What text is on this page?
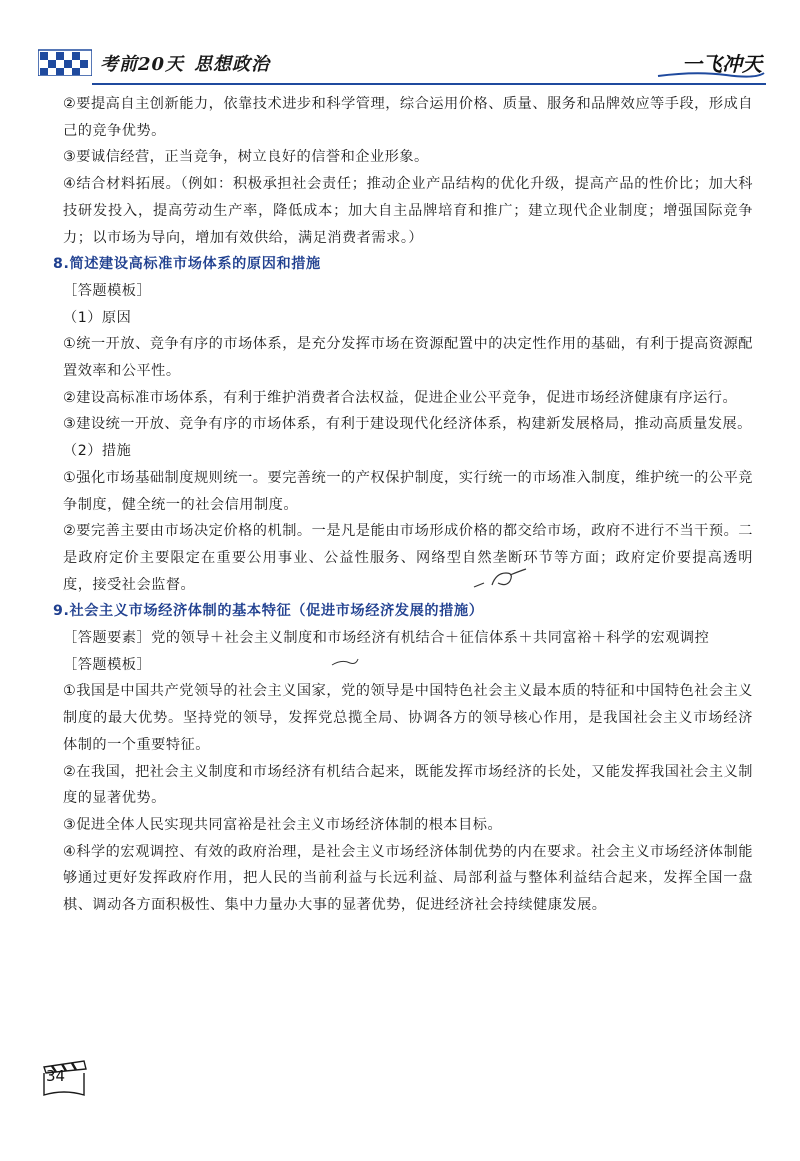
考前20天 思想政治	一飞冲天

②要提高自主创新能力，依靠技术进步和科学管理，综合运用价格、质量、服务和品牌效应等手段，形成自己的竞争优势。

③要诚信经营，正当竞争，树立良好的信誉和企业形象。

④结合材料拓展。（例如：积极承担社会责任；推动企业产品结构的优化升级，提高产品的性价比；加大科技研发投入，提高劳动生产率，降低成本；加大自主品牌培育和推广；建立现代企业制度；增强国际竞争力；以市场为导向，增加有效供给，满足消费者需求。）

8.简述建设高标准市场体系的原因和措施

［答题模板］

（1）原因

①统一开放、竞争有序的市场体系，是充分发挥市场在资源配置中的决定性作用的基础，有利于提高资源配置效率和公平性。

②建设高标准市场体系，有利于维护消费者合法权益，促进企业公平竞争，促进市场经济健康有序运行。

③建设统一开放、竞争有序的市场体系，有利于建设现代化经济体系，构建新发展格局，推动高质量发展。

（2）措施

①强化市场基础制度规则统一。要完善统一的产权保护制度，实行统一的市场准入制度，维护统一的公平竞争制度，健全统一的社会信用制度。

②要完善主要由市场决定价格的机制。一是凡是能由市场形成价格的都交给市场，政府不进行不当干预。二是政府定价主要限定在重要公用事业、公益性服务、网络型自然垄断环节等方面；政府定价要提高透明度，接受社会监督。

9.社会主义市场经济体制的基本特征（促进市场经济发展的措施）

［答题要素］ 党的领导＋社会主义制度和市场经济有机结合＋征信体系＋共同富裕＋科学的宏观调控

［答题模板］

①我国是中国共产党领导的社会主义国家，党的领导是中国特色社会主义最本质的特征和中国特色社会主义制度的最大优势。坚持党的领导，发挥党总揽全局、协调各方的领导核心作用，是我国社会主义市场经济体制的一个重要特征。

②在我国，把社会主义制度和市场经济有机结合起来，既能发挥市场经济的长处，又能发挥我国社会主义制度的显著优势。

③促进全体人民实现共同富裕是社会主义市场经济体制的根本目标。

④科学的宏观调控、有效的政府治理，是社会主义市场经济体制优势的内在要求。社会主义市场经济体制能够通过更好发挥政府作用，把人民的当前利益与长远利益、局部利益与整体利益结合起来，发挥全国一盘棋、调动各方面积极性、集中力量办大事的显著优势，促进经济社会持续健康发展。

34
